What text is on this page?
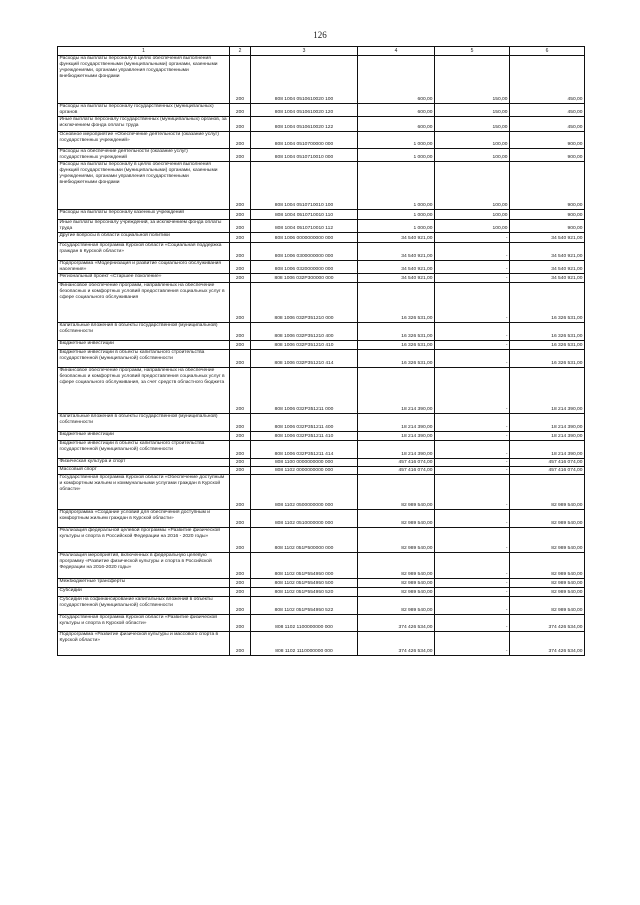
126
1	2	3	4	5	6
Расходы на выплаты персоналу в целях обеспечения выполнения функций государственными (муниципальными) органами, казенными учреждениями, органами управления государственными внебюджетными фондами	200	808 1004 0510610020 100	600,00	150,00	450,00
Расходы на выплаты персоналу государственных (муниципальных) органов	200	808 1004 0510610020 120	600,00	150,00	450,00
Иные выплаты персоналу государственных (муниципальных) органов, за исключением фонда оплаты труда	200	808 1004 0510610020 122	600,00	150,00	450,00
Основное мероприятие «Обеспечение деятельности (оказание услуг) государственных учреждений»	200	808 1004 0510700000 000	1 000,00	100,00	900,00
Расходы на обеспечение деятельности (оказание услуг) государственных учреждений	200	808 1004 0510710010 000	1 000,00	100,00	900,00
Расходы на выплаты персоналу в целях обеспечения выполнения функций государственными (муниципальными) органами, казенными учреждениями, органами управления государственными внебюджетными фондами	200	808 1004 0510710010 100	1 000,00	100,00	900,00
Расходы на выплаты персоналу казенных учреждений	200	808 1004 0510710010 110	1 000,00	100,00	900,00
Иные выплаты персоналу учреждений, за исключением фонда оплаты труда	200	808 1004 0510710010 112	1 000,00	100,00	900,00
Другие вопросы в области социальной политики	200	808 1006 0000000000 000	34 540 921,00	-	34 540 921,00
Государственная программа Курской области «Социальная поддержка граждан в Курской области»	200	808 1006 0300000000 000	34 540 921,00	-	34 540 921,00
Подпрограмма «Модернизация и развитие социального обслуживания населения»	200	808 1006 0320000000 000	34 540 921,00	-	34 540 921,00
Региональный проект «Старшее поколение»	200	808 1006 032P300000 000	34 540 921,00	-	34 540 921,00
Финансовое обеспечение программ, направленных на обеспечение безопасных и комфортных условий предоставления социальных услуг в сфере социального обслуживания	200	808 1006 032P351210 000	16 326 531,00	-	16 326 531,00
Капитальные вложения в объекты государственной (муниципальной) собственности	200	808 1006 032P351210 400	16 326 531,00	-	16 326 531,00
Бюджетные инвестиции	200	808 1006 032P351210 410	16 326 531,00	-	16 326 531,00
Бюджетные инвестиции в объекты капитального строительства государственной (муниципальной) собственности	200	808 1006 032P351210 414	16 326 531,00	-	16 326 531,00
Финансовое обеспечение программ, направленных на обеспечение безопасных и комфортных условий предоставления социальных услуг в сфере социального обслуживания, за счет средств областного бюджета	200	808 1006 032P351211 000	18 214 390,00	-	18 214 390,00
Капитальные вложения в объекты государственной (муниципальной) собственности	200	808 1006 032P351211 400	18 214 390,00	-	18 214 390,00
Бюджетные инвестиции	200	808 1006 032P351211 410	18 214 390,00	-	18 214 390,00
Бюджетные инвестиции в объекты капитального строительства государственной (муниципальной) собственности	200	808 1006 032P351211 414	18 214 390,00	-	18 214 390,00
Физическая культура и спорт	200	808 1100 0000000000 000	457 416 074,00	-	457 416 074,00
Массовый спорт	200	808 1102 0000000000 000	457 416 074,00	-	457 416 074,00
Государственная программа Курской области «Обеспечение доступным и комфортным жильем и коммунальными услугами граждан в Курской области»	200	808 1102 0500000000 000	82 989 540,00	-	82 989 540,00
Подпрограмма «Создание условий для обеспечения доступным и комфортным жильем граждан в Курской области»	200	808 1102 0510000000 000	82 989 540,00	-	82 989 540,00
Реализация федеральной целевой программы «Развитие физической культуры и спорта в Российской Федерации на 2016 - 2020 годы»	200	808 1102 051P500000 000	82 989 540,00	-	82 989 540,00
Реализация мероприятий, включенных в федеральную целевую программу «Развитие физической культуры и спорта в Российской Федерации на 2016-2020 годы»	200	808 1102 051P554950 000	82 989 540,00	-	82 989 540,00
Межбюджетные трансферты	200	808 1102 051P554950 500	82 989 540,00	-	82 989 540,00
Субсидии	200	808 1102 051P554950 520	82 989 540,00	-	82 989 540,00
Субсидии на софинансирование капитальных вложений в объекты государственной (муниципальной) собственности	200	808 1102 051P554950 522	82 989 540,00	-	82 989 540,00
Государственная программа Курской области «Развитие физической культуры и спорта в Курской области»	200	808 1102 1100000000 000	374 426 534,00	-	374 426 534,00
Подпрограмма «Развитие физической культуры и массового спорта в Курской области»	200	808 1102 1110000000 000	374 426 534,00	-	374 426 534,00
